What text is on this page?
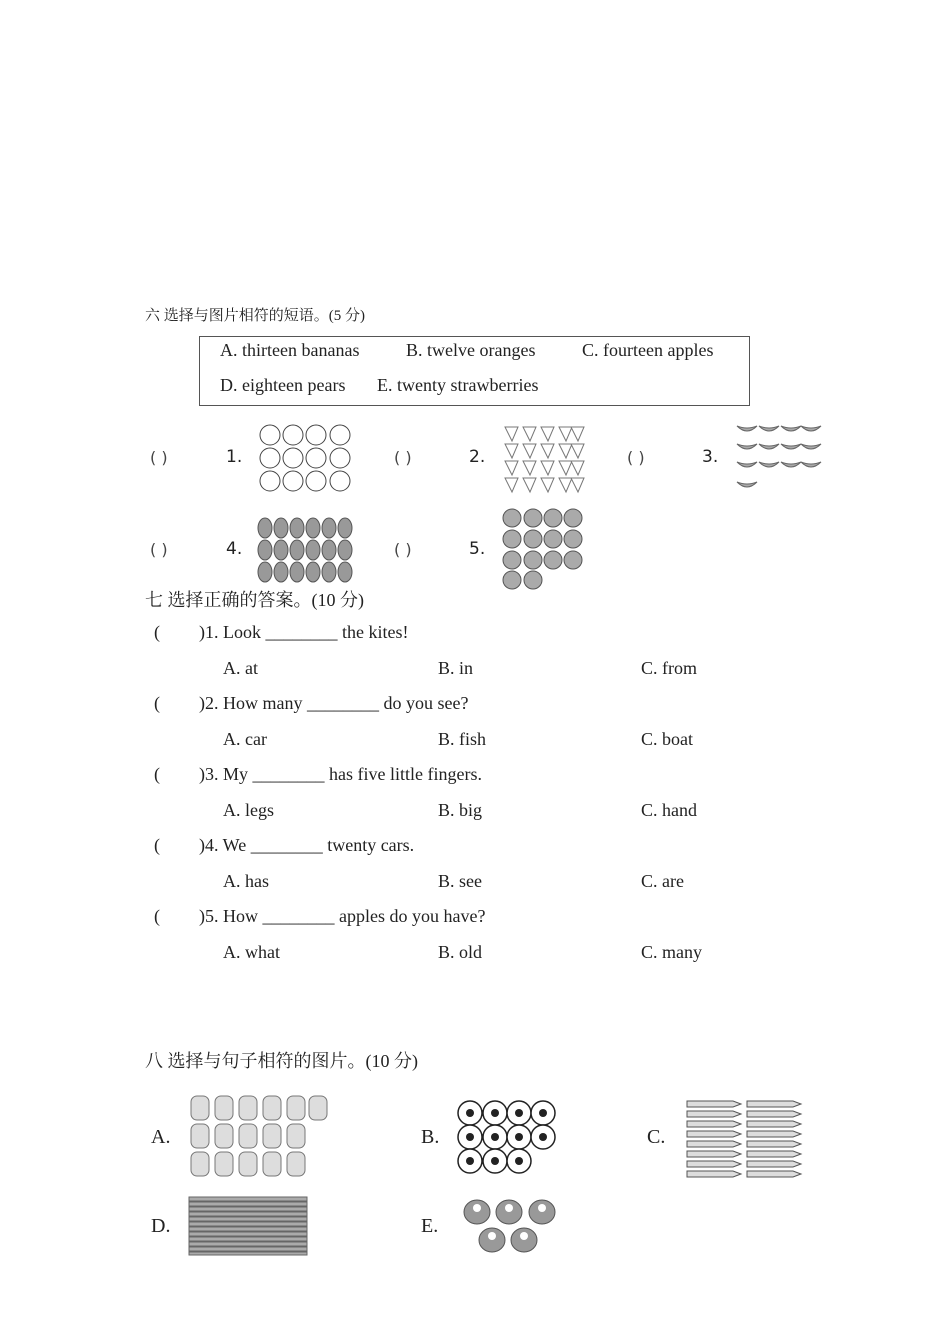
六 选择与图片相符的短语。(5 分)
A. thirteen bananas	B. twelve oranges	C. fourteen apples
D. eighteen pears E. twenty strawberries
( )	1.	( )	2.	( )	3.
( )	4.	( )	5.
七 选择正确的答案。(10 分)
( )1. Look ________ the kites!
A. at	B. in	C. from
( )2. How many ________ do you see?
A. car	B. fish	C. boat
( )3. My ________ has five little fingers.
A. legs	B. big	C. hand
( )4. We ________ twenty cars.
A. has	B. see	C. are
( )5. How ________ apples do you have?
A. what	B. old	C. many
八 选择与句子相符的图片。(10 分)
A.	B.	C.
D.	E.
